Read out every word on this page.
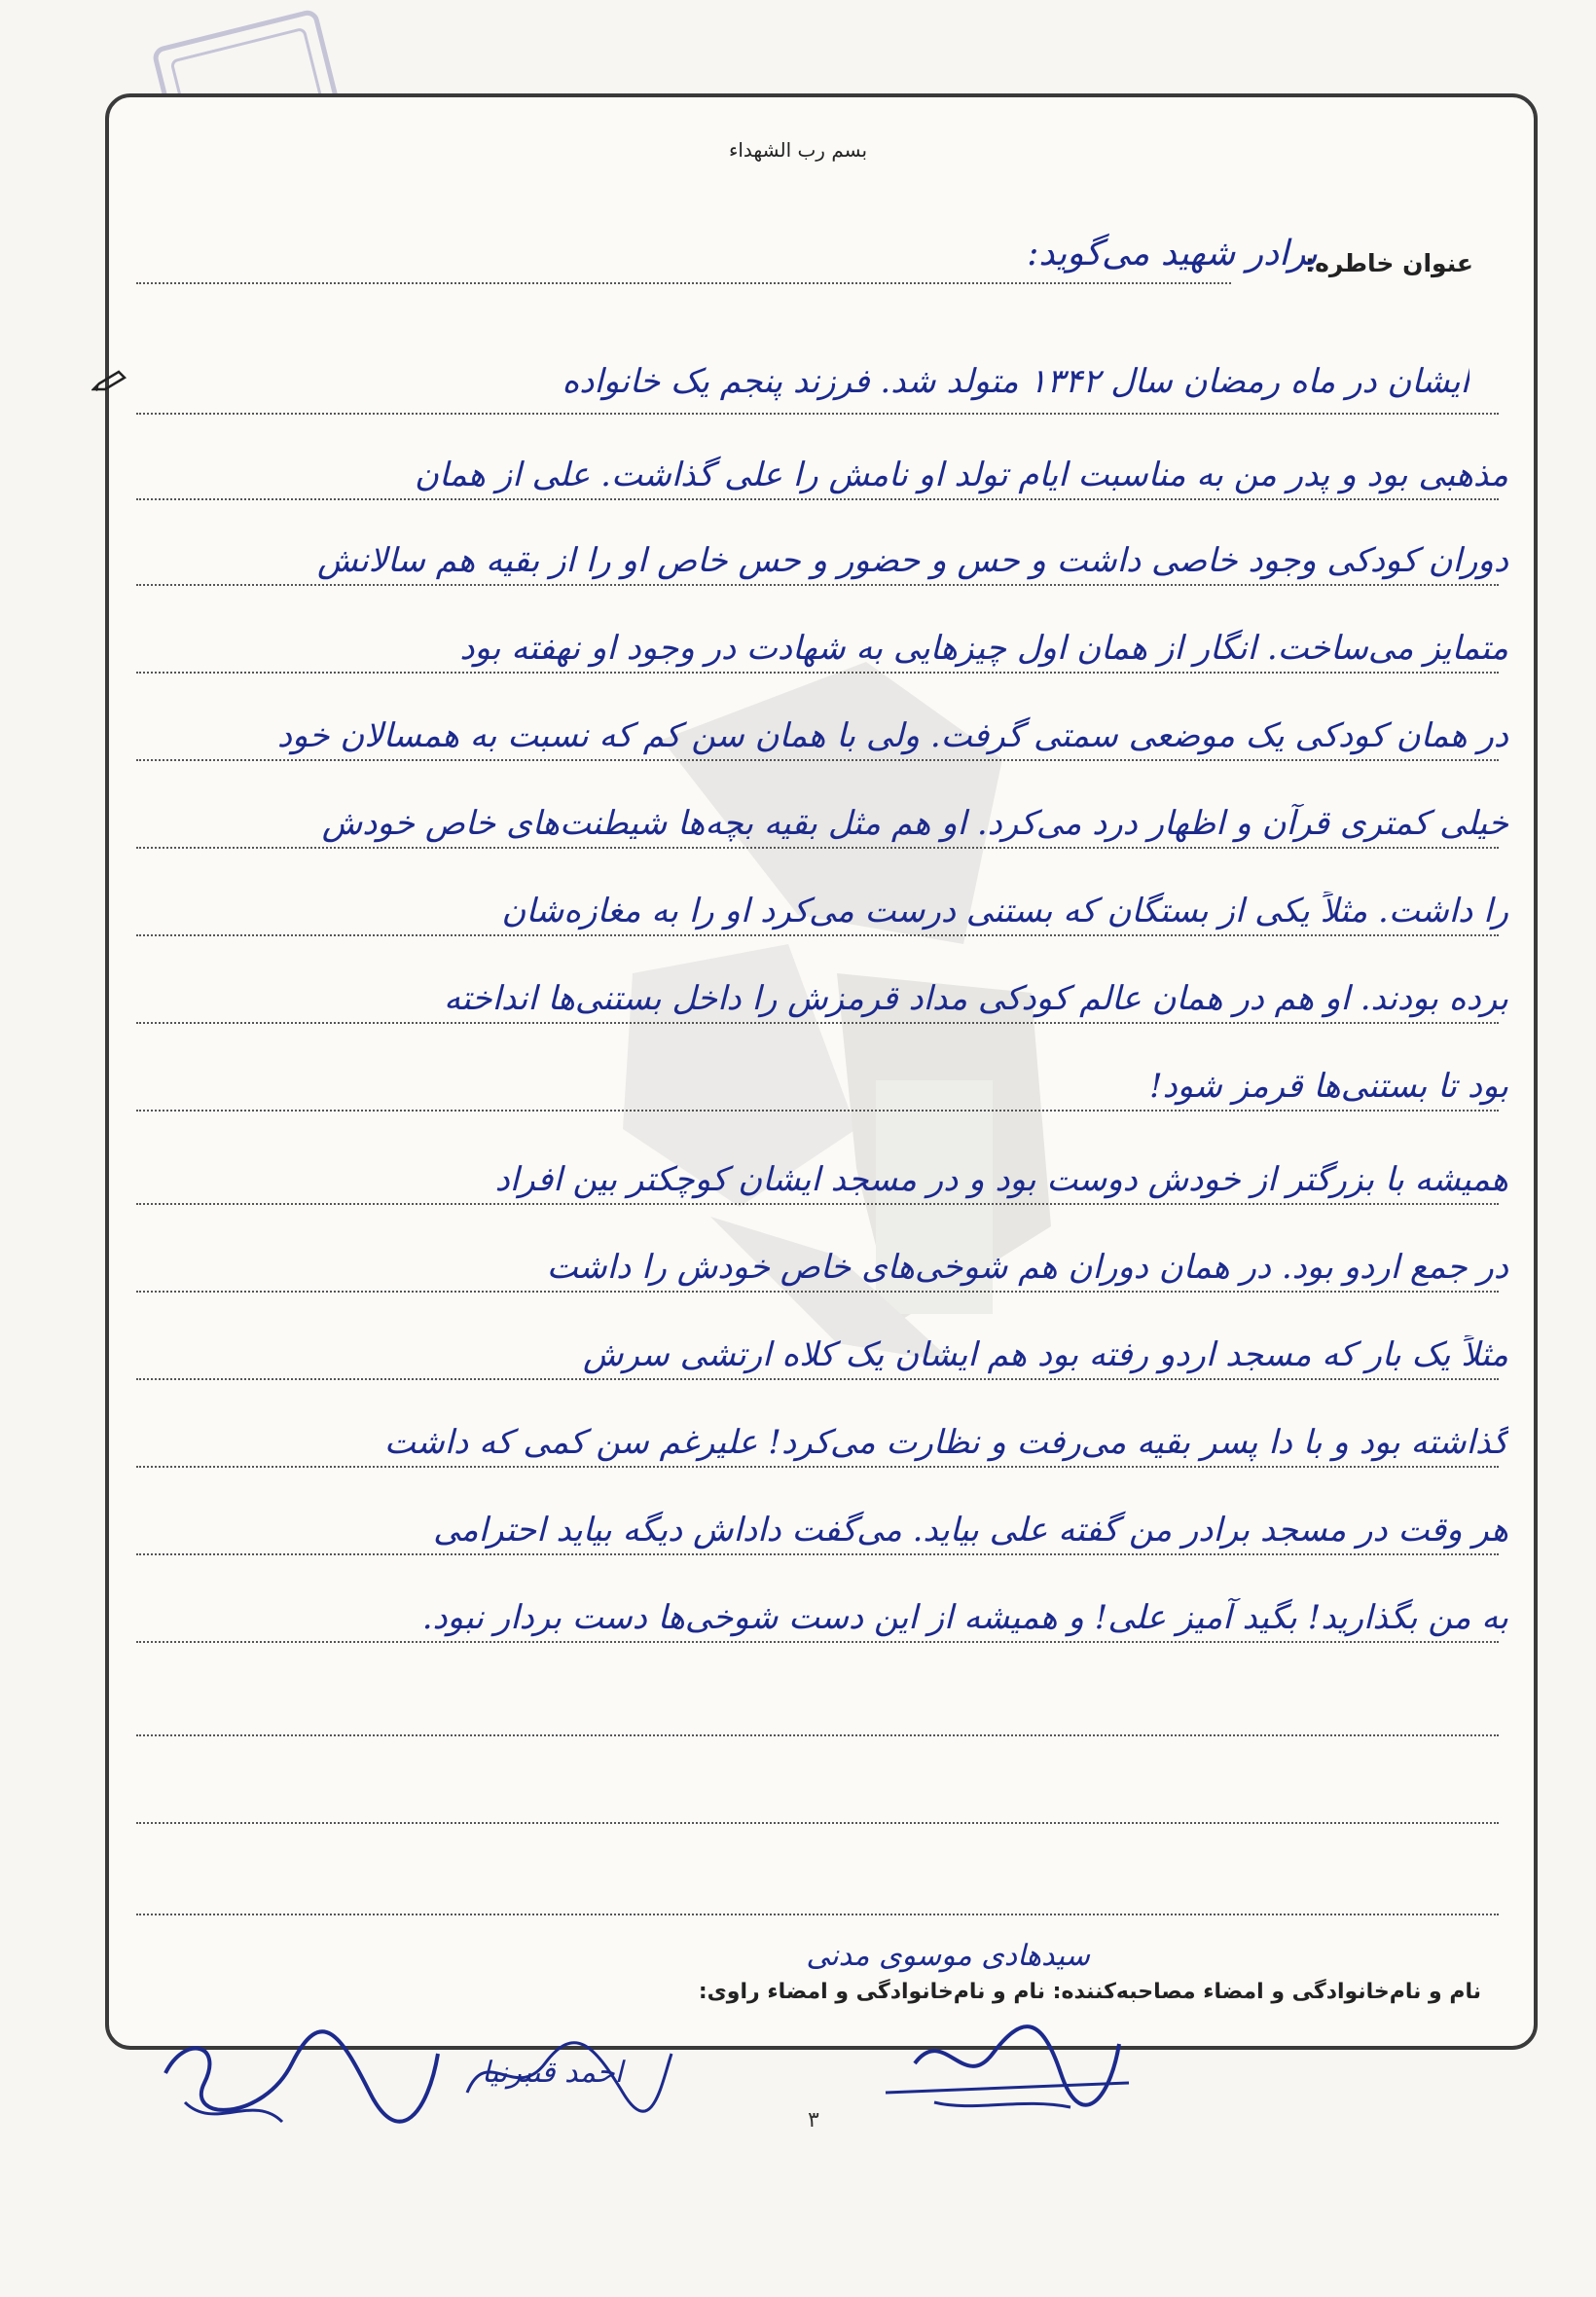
بسم رب الشهداء
عنوان خاطره:
برادر شهید می‌گوید:
ایشان در ماه رمضان سال ۱۳۴۲ متولد شد. فرزند پنجم یک خانواده
مذهبی بود و پدر من به مناسبت ایام تولد او نامش را علی گذاشت. علی از همان
دوران کودکی وجود خاصی داشت و حس و حضور و حس خاص او را از بقیه هم سالانش
متمایز می‌ساخت. انگار از همان اول چیزهایی به شهادت در وجود او نهفته بود
در همان کودکی یک موضعی سمتی گرفت. ولی با همان سن کم که نسبت به همسالان خود
خیلی کمتری قرآن و اظهار درد می‌کرد. او هم مثل بقیه بچه‌ها شیطنت‌های خاص خودش
را داشت. مثلاً یکی از بستگان که بستنی درست می‌کرد او را به مغازه‌شان
برده بودند. او هم در همان عالم کودکی مداد قرمزش را داخل بستنی‌ها انداخته
بود تا بستنی‌ها قرمز شود!
همیشه با بزرگتر از خودش دوست بود و در مسجد ایشان کوچکتر بین افراد
در جمع اردو بود. در همان دوران هم شوخی‌های خاص خودش را داشت
مثلاً یک بار که مسجد اردو رفته بود هم ایشان یک کلاه ارتشی سرش
گذاشته بود و با دا پسر بقیه می‌رفت و نظارت می‌کرد! علیرغم سن کمی که داشت
هر وقت در مسجد برادر من گفته علی بیاید. می‌گفت داداش دیگه بیاید احترامی
به من بگذارید! بگید آمیز علی! و همیشه از این دست شوخی‌ها دست بردار نبود.
سیدهادی موسوی مدنی
نام و نام‌خانوادگی و امضاء مصاحبه‌کننده: نام و نام‌خانوادگی و امضاء راوی:
احمد قنبرنیا
۳
